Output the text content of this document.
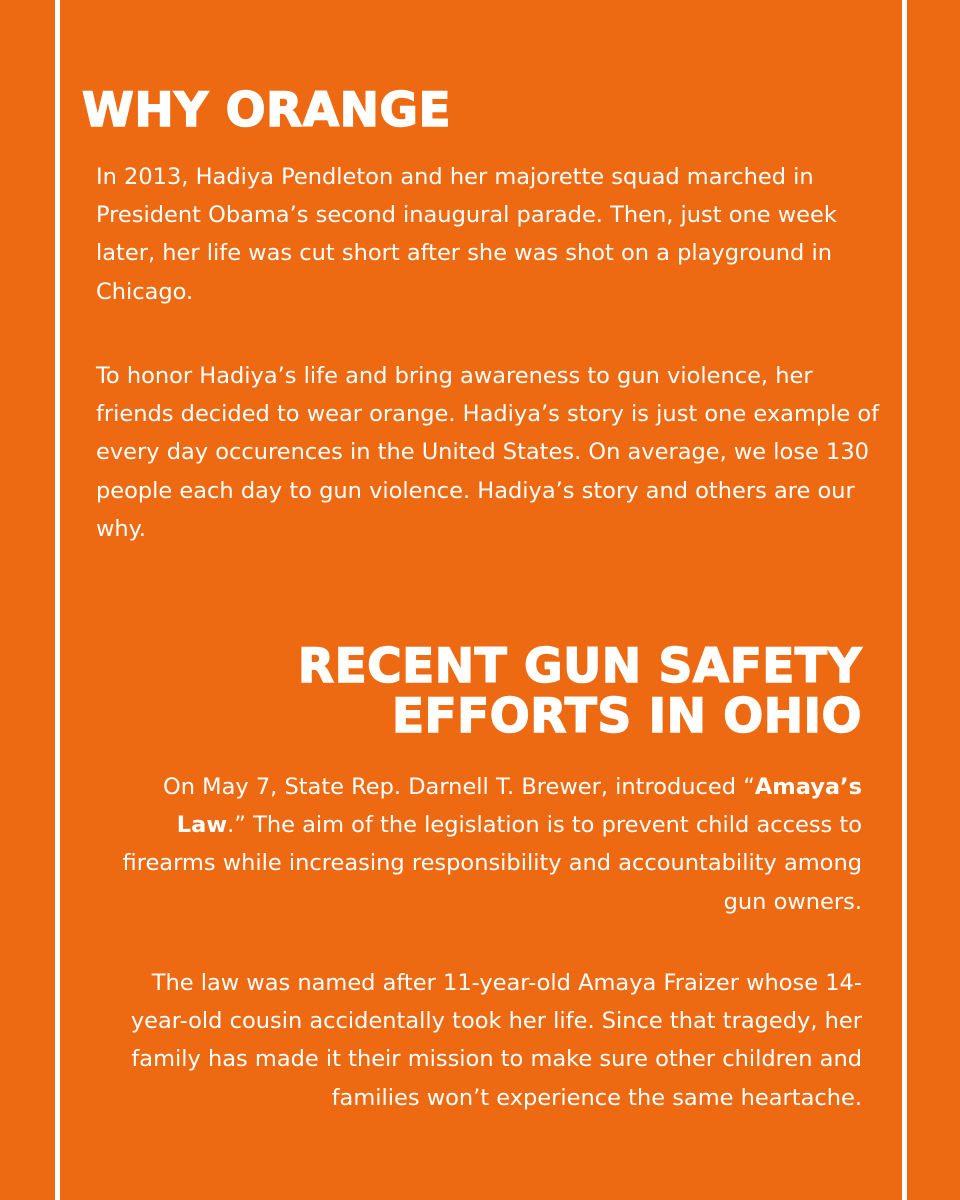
WHY ORANGE

In 2013, Hadiya Pendleton and her majorette squad marched in President Obama’s second inaugural parade. Then, just one week later, her life was cut short after she was shot on a playground in Chicago.

To honor Hadiya’s life and bring awareness to gun violence, her friends decided to wear orange. Hadiya’s story is just one example of every day occurences in the United States. On average, we lose 130 people each day to gun violence. Hadiya’s story and others are our why.

RECENT GUN SAFETY
EFFORTS IN OHIO

On May 7, State Rep. Darnell T. Brewer, introduced “Amaya’s Law.” The aim of the legislation is to prevent child access to firearms while increasing responsibility and accountability among gun owners.

The law was named after 11-year-old Amaya Fraizer whose 14-year-old cousin accidentally took her life. Since that tragedy, her family has made it their mission to make sure other children and families won’t experience the same heartache.
